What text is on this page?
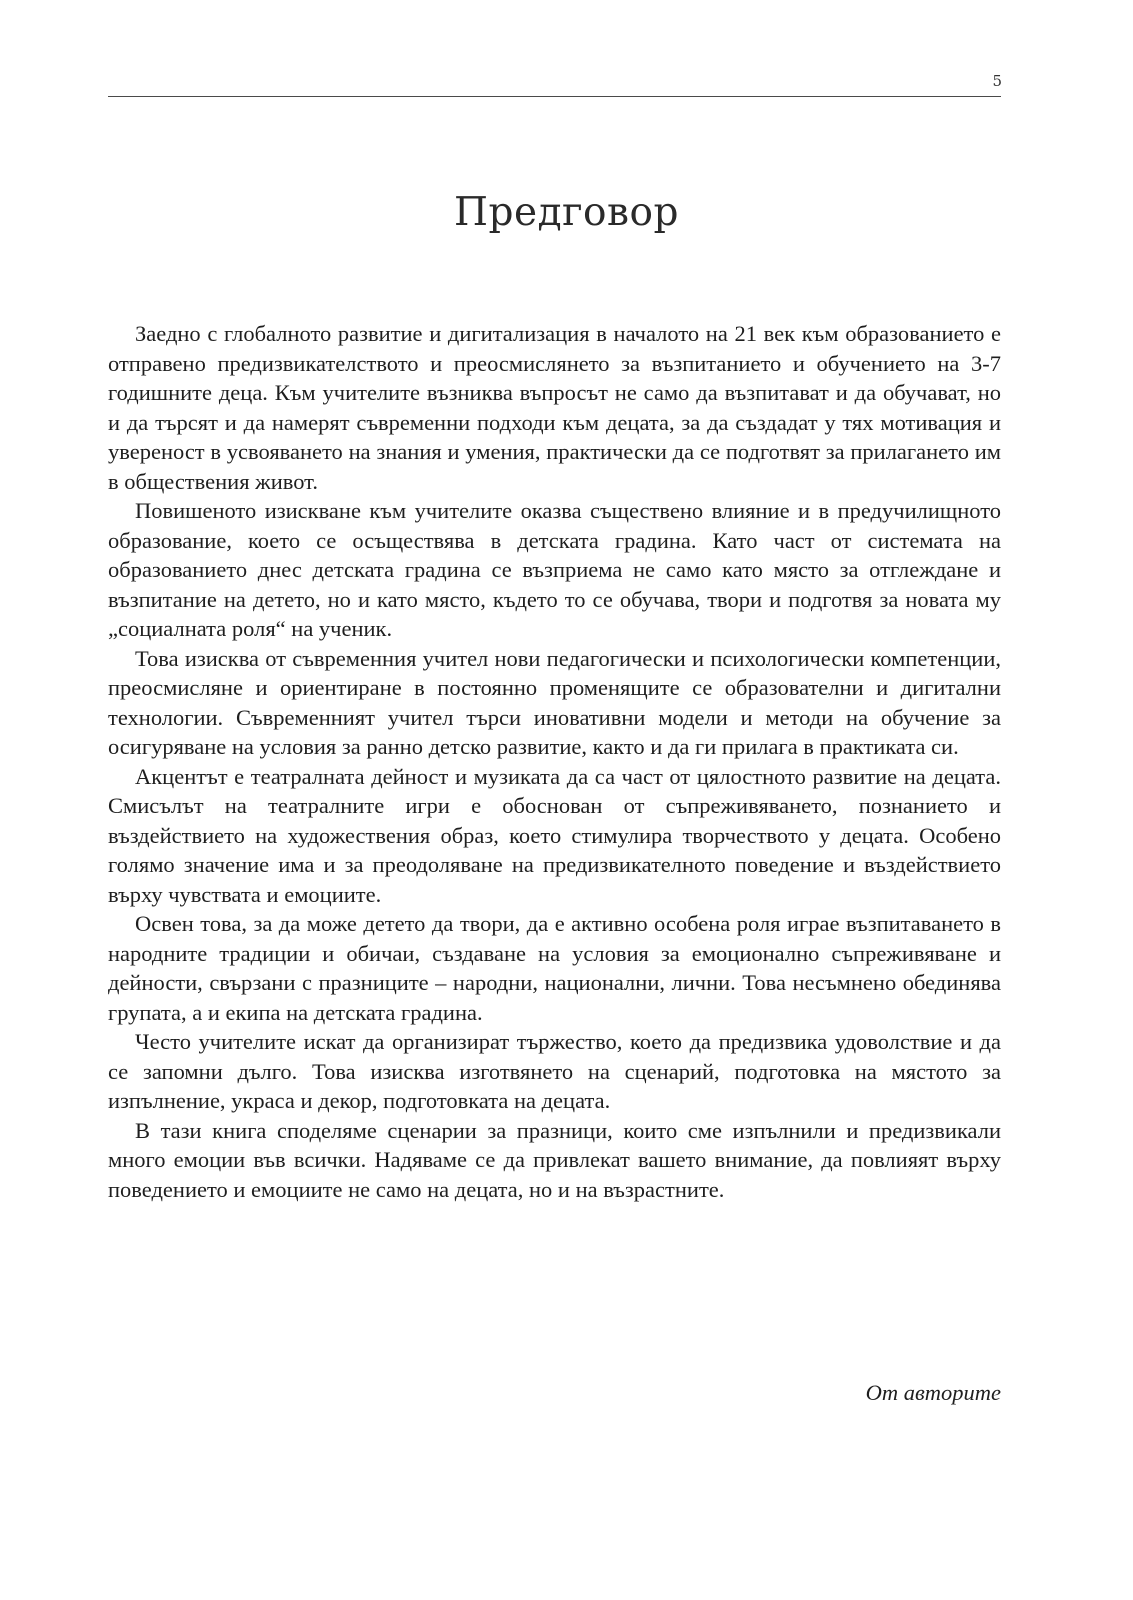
5
Предговор

Заедно с глобалното развитие и дигитализация в началото на 21 век към образованието е отправено предизвикателството и преосмислянето за възпитанието и обучението на 3-7 годишните деца. Към учителите възниква въпросът не само да възпитават и да обучават, но и да търсят и да намерят съвременни подходи към децата, за да създадат у тях мотивация и увереност в усвояването на знания и умения, практически да се подготвят за прилагането им в обществения живот.

Повишеното изискване към учителите оказва съществено влияние и в предучилищното образование, което се осъществява в детската градина. Като част от системата на образованието днес детската градина се възприема не само като място за отглеждане и възпитание на детето, но и като място, където то се обучава, твори и подготвя за новата му „социалната роля“ на ученик.

Това изисква от съвременния учител нови педагогически и психологически компетенции, преосмисляне и ориентиране в постоянно променящите се образователни и дигитални технологии. Съвременният учител търси иновативни модели и методи на обучение за осигуряване на условия за ранно детско развитие, както и да ги прилага в практиката си.

Акцентът е театралната дейност и музиката да са част от цялостното развитие на децата. Смисълът на театралните игри е обоснован от съпреживяването, познанието и въздействието на художествения образ, което стимулира творчеството у децата. Особено голямо значение има и за преодоляване на предизвикателното поведение и въздействието върху чувствата и емоциите.

Освен това, за да може детето да твори, да е активно особена роля играе възпитаването в народните традиции и обичаи, създаване на условия за емоционално съпреживяване и дейности, свързани с празниците – народни, национални, лични. Това несъмнено обединява групата, а и екипа на детската градина.

Често учителите искат да организират тържество, което да предизвика удоволствие и да се запомни дълго. Това изисква изготвянето на сценарий, подготовка на мястото за изпълнение, украса и декор, подготовката на децата.

В тази книга споделяме сценарии за празници, които сме изпълнили и предизвикали много емоции във всички. Надяваме се да привлекат вашето внимание, да повлияят върху поведението и емоциите не само на децата, но и на възрастните.

От авторите
